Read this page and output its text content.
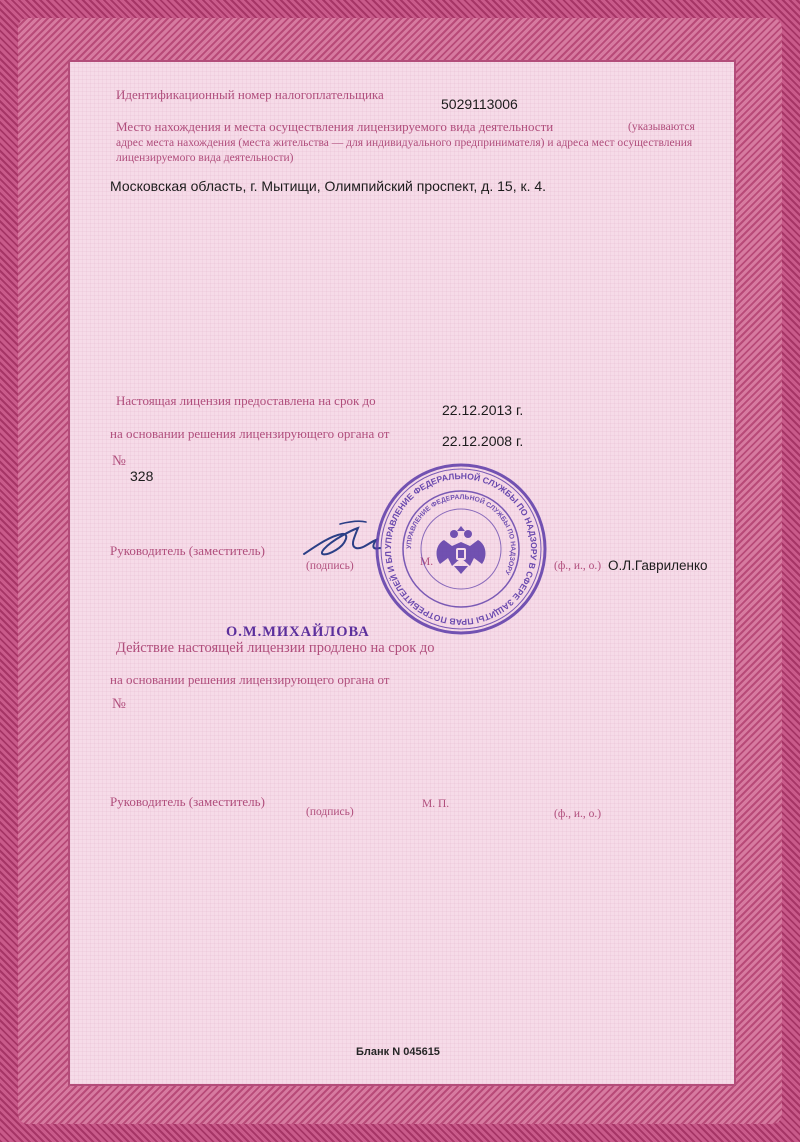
Идентификационный номер налогоплательщика
5029113006
Место нахождения и места осуществления лицензируемого вида деятельности	(указываются
адрес места нахождения (места жительства — для индивидуального предпринимателя) и адреса мест осуществления
лицензируемого вида деятельности)
Московская область, г. Мытищи, Олимпийский проспект, д. 15, к. 4.
Настоящая лицензия предоставлена на срок до
22.12.2013 г.
на основании решения лицензирующего органа от	22.12.2008 г.
№
328
Руководитель (заместитель)
(подпись)	М.	(ф., и., о.) О.Л.Гавриленко
УПРАВЛЕНИЕ ФЕДЕРАЛЬНОЙ СЛУЖБЫ ПО НАДЗОРУ В СФЕРЕ ЗАЩИТЫ ПРАВ ПОТРЕБИТЕЛЕЙ И БЛ
УПРАВЛЕНИЕ ФЕДЕРАЛЬНОЙ СЛУЖБЫ ПО НАДЗОРУ
О.М.МИХАЙЛОВА
Действие настоящей лицензии продлено на срок до
на основании решения лицензирующего органа от
№
Руководитель (заместитель)
(подпись)
М. П.
(ф., и., о.)
Бланк N 045615
